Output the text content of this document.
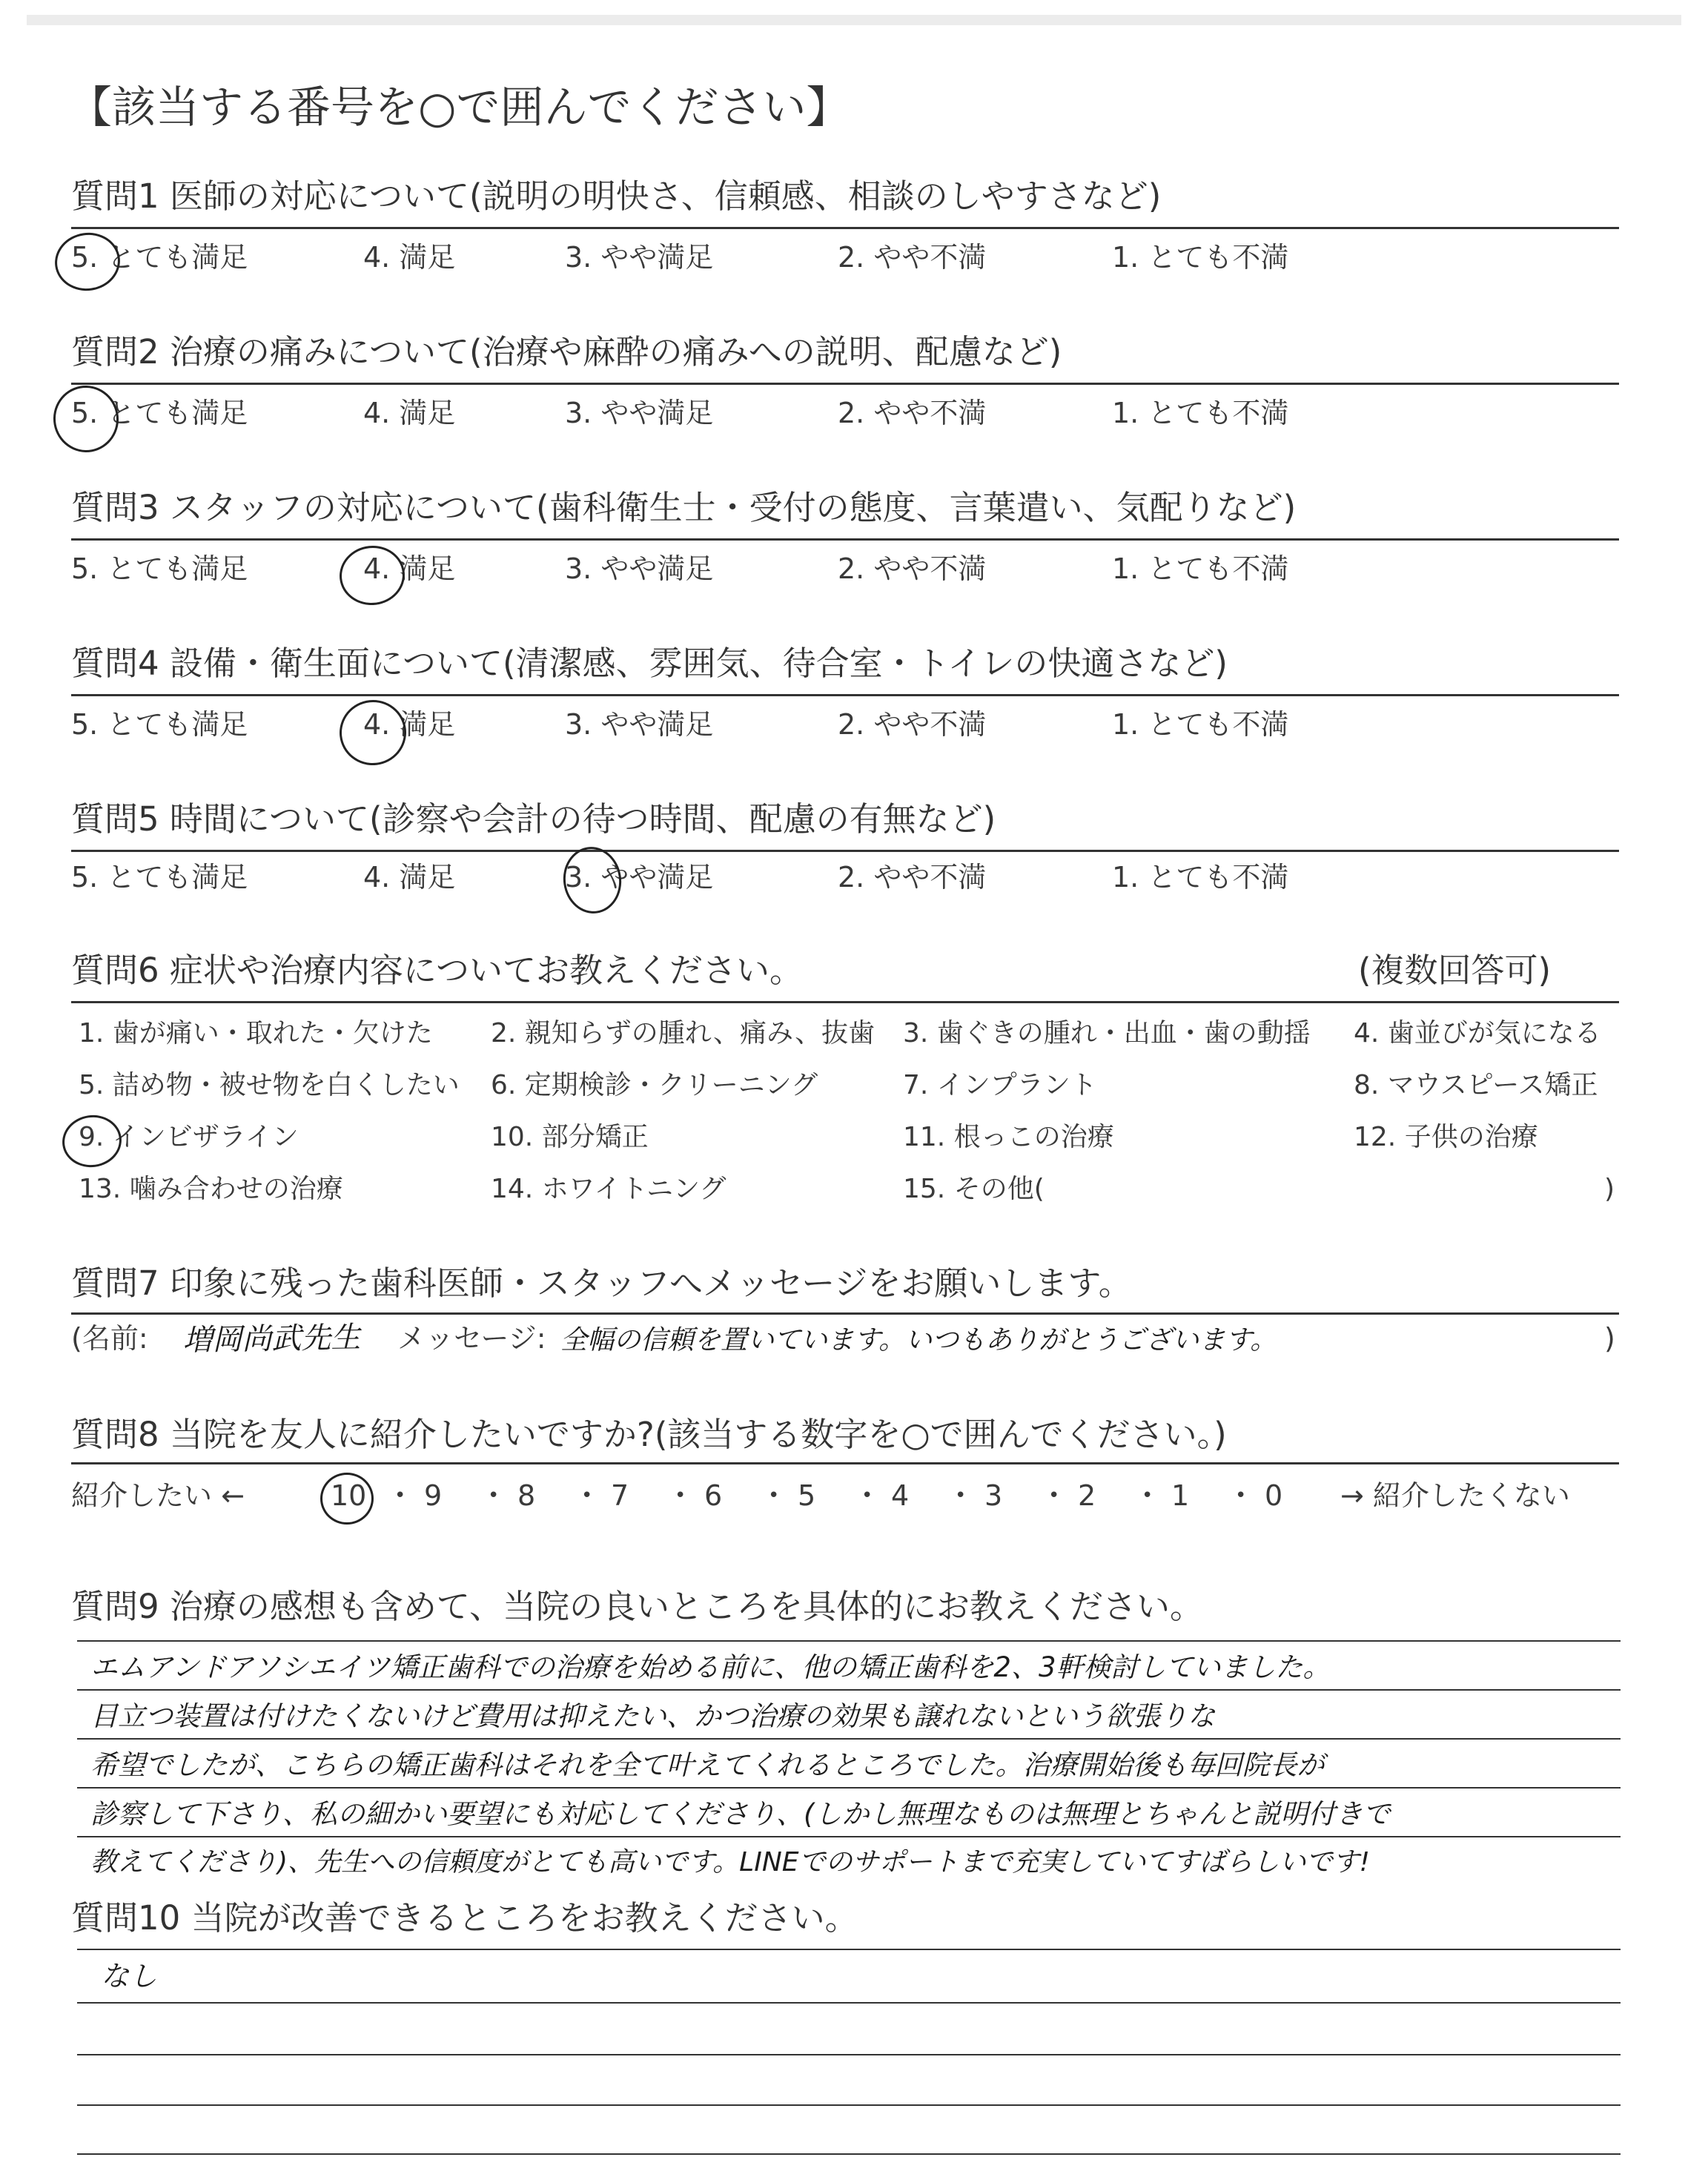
【該当する番号を○で囲んでください】
質問1 医師の対応について(説明の明快さ、信頼感、相談のしやすさなど)
5. とても満足	4. 満足	3. やや満足	2. やや不満	1. とても不満
質問2 治療の痛みについて(治療や麻酔の痛みへの説明、配慮など)
5. とても満足	4. 満足	3. やや満足	2. やや不満	1. とても不満
質問3 スタッフの対応について(歯科衛生士・受付の態度、言葉遣い、気配りなど)
5. とても満足	4. 満足	3. やや満足	2. やや不満	1. とても不満
質問4 設備・衛生面について(清潔感、雰囲気、待合室・トイレの快適さなど)
5. とても満足	4. 満足	3. やや満足	2. やや不満	1. とても不満
質問5 時間について(診察や会計の待つ時間、配慮の有無など)
5. とても満足	4. 満足	3. やや満足	2. やや不満	1. とても不満
質問6 症状や治療内容についてお教えください。	(複数回答可)
1. 歯が痛い・取れた・欠けた 2. 親知らずの腫れ、痛み、抜歯 3. 歯ぐきの腫れ・出血・歯の動揺 4. 歯並びが気になる
5. 詰め物・被せ物を白くしたい 6. 定期検診・クリーニング	7. インプラント	8. マウスピース矯正
9. インビザライン	10. 部分矯正	11. 根っこの治療	12. 子供の治療
13. 噛み合わせの治療	14. ホワイトニング	15. その他(	)
質問7 印象に残った歯科医師・スタッフへメッセージをお願いします。
(名前: 増岡尚武先生 メッセージ: 全幅の信頼を置いています。いつもありがとうございます。	)
質問8 当院を友人に紹介したいですか?(該当する数字を○で囲んでください。)
紹介したい ←	10 • 9 • 8 • 7 • 6 • 5 • 4 • 3 • 2 • 1 • 0 → 紹介したくない
質問9 治療の感想も含めて、当院の良いところを具体的にお教えください。
エムアンドアソシエイツ矯正歯科での治療を始める前に、他の矯正歯科を2、3軒検討していました。
目立つ装置は付けたくないけど費用は抑えたい、かつ治療の効果も譲れないという欲張りな
希望でしたが、こちらの矯正歯科はそれを全て叶えてくれるところでした。治療開始後も毎回院長が
診察して下さり、私の細かい要望にも対応してくださり、(しかし無理なものは無理とちゃんと説明付きで
教えてくださり)、先生への信頼度がとても高いです。LINEでのサポートまで充実していてすばらしいです!
質問10 当院が改善できるところをお教えください。
なし
